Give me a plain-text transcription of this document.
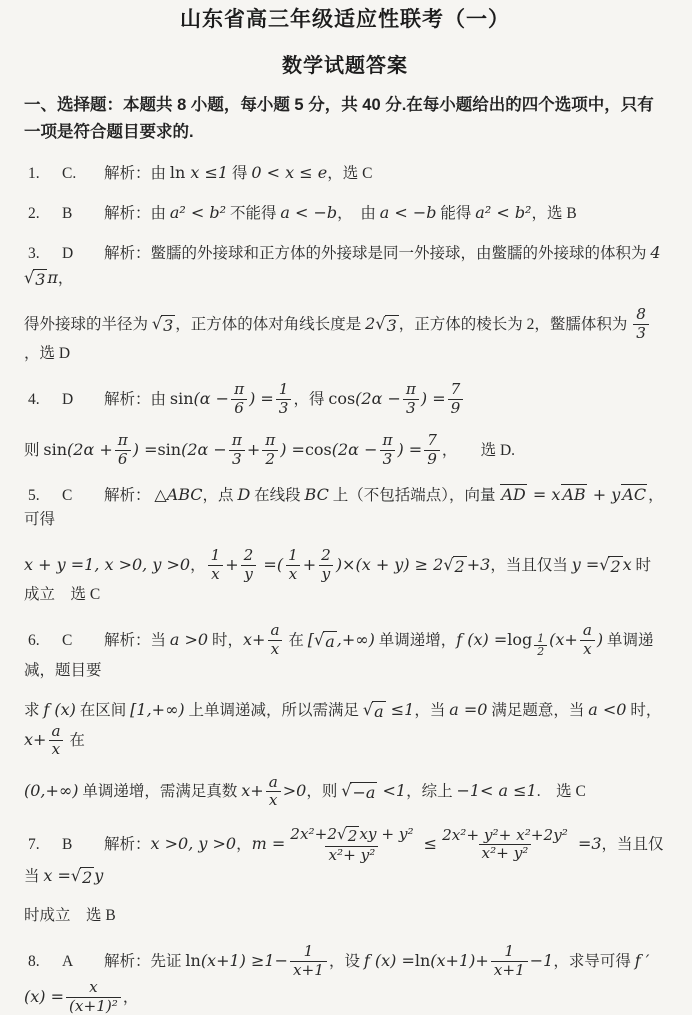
山东省高三年级适应性联考（一）
数学试题答案

一、选择题：本题共 8 小题，每小题 5 分，共 40 分.在每小题给出的四个选项中，只有一项是符合题目要求的.

1. C. 解析：由 ln x ≤1 得 0 < x ≤ e，选 C
2. B 解析：由 a² < b² 不能得 a < −b，　由 a < −b 能得 a² < b²，选 B
3. D 解析：鳖臑的外接球和正方体的外接球是同一外接球，由鳖臑的外接球的体积为 4
√ 3 π，
得外接球的半径为 √ 3 ，正方体的体对角线长度是 2 √ 3 ，正方体的棱长为 2，鳖臑体积为 $\frac{8}{3}$
，选 D
4. D 解析：由 $\sin(\alpha - \frac{\pi}{6}$ ) = $\frac{1}{3}$ ，得 $\cos(2\alpha - \frac{\pi}{3}$ ) = $\frac{7}{9}$
则 $\sin(2\alpha + \frac{\pi}{6}$ ) $=\sin(2\alpha - \frac{\pi}{3} + \frac{\pi}{2}$ ) $=\cos(2\alpha - \frac{\pi}{3}$ ) = $\frac{7}{9}$ ，　　选 D.
5. C 解析： △ABC，点 D 在线段 BC 上（不包括端点），向量 AD = x AB + y AC ，可得
x + y =1, x >0, y >0， $\frac{1}{x} + \frac{2}{y}$ =( $\frac{1}{x} + \frac{2}{y} )\times(x + y) \ge 2$ √ 2 +3，当且仅当 y = √ 2 x 时成立　选 C
6. C 解析：当 a >0 时，$x+ \frac{a}{x}$ 在 [ √ a ,+∞) 单调递增，f (x) =log $_{\frac{1}{2}}$ ($x+ \frac{a}{x}$ ) 单调递减，题目要
求 f (x) 在区间 [1,+∞) 上单调递减，所以需满足 √ a ≤1，当 a =0 满足题意，当 a <0 时，$x+ \frac{a}{x}$ 在
(0,+∞) 单调递增，需满足真数 $x+ \frac{a}{x} >0$，则 √ −a <1，综上 −1< a ≤1.　选 C
7. B 解析：x >0, y >0，$m = \frac{\text{2x²+2 √ 2 xy + y²}}{\text{x²+ y²}} \le \frac{\text{2x²+ y²+ x²+2y²}}{\text{x²+ y²}} =3$，当且仅当 x = √ 2 y
时成立　选 B
8. A 解析：先证 $\ln(x+1) \ge 1- \frac{1}{x+1}$ ，设 f $(x) =\ln(x+1)+ \frac{1}{x+1} -1$，求导可得 f $'(x) = \frac{x}{\text{(x+1)²}}$ ，
